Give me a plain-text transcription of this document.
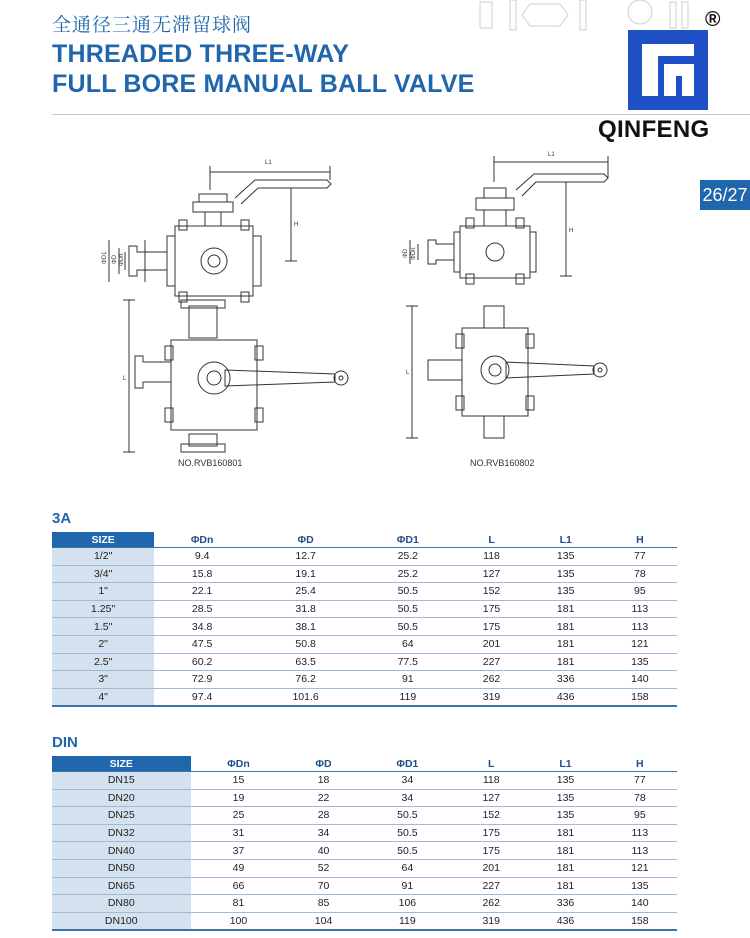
全通径三通无滞留球阀
THREADED THREE-WAY
FULL BORE MANUAL BALL VALVE
®
QINFENG
26/27
L1
H
ΦD1 ΦD ΦDn
L
NO.RVB160801
L1
H
ΦD ΦDn
L
NO.RVB160802
3A
SIZE	ΦDn	ΦD	ΦD1	L	L1	H
1/2"	9.4	12.7	25.2	118	135	77
3/4"	15.8	19.1	25.2	127	135	78
1"	22.1	25.4	50.5	152	135	95
1.25"	28.5	31.8	50.5	175	181	113
1.5"	34.8	38.1	50.5	175	181	113
2"	47.5	50.8	64	201	181	121
2.5"	60.2	63.5	77.5	227	181	135
3"	72.9	76.2	91	262	336	140
4"	97.4	101.6	119	319	436	158
DIN
SIZE	ΦDn	ΦD	ΦD1	L	L1	H
DN15	15	18	34	118	135	77
DN20	19	22	34	127	135	78
DN25	25	28	50.5	152	135	95
DN32	31	34	50.5	175	181	113
DN40	37	40	50.5	175	181	113
DN50	49	52	64	201	181	121
DN65	66	70	91	227	181	135
DN80	81	85	106	262	336	140
DN100	100	104	119	319	436	158
